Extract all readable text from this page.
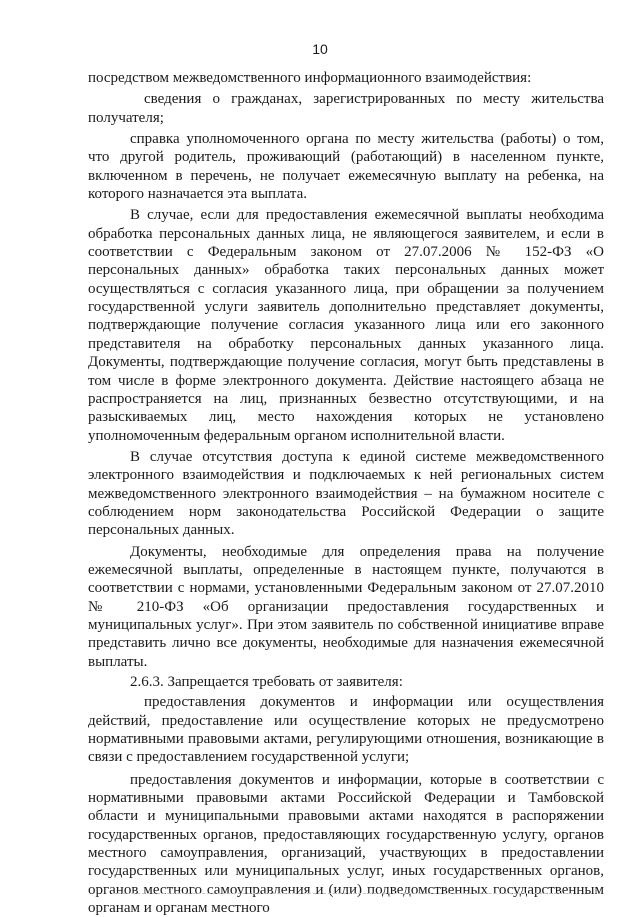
10

посредством межведомственного информационного взаимодействия:

сведения о гражданах, зарегистрированных по месту жительства получателя;

справка уполномоченного органа по месту жительства (работы) о том, что другой родитель, проживающий (работающий) в населенном пункте, включенном в перечень, не получает ежемесячную выплату на ребенка, на которого назначается эта выплата.

В случае, если для предоставления ежемесячной выплаты необходима обработка персональных данных лица, не являющегося заявителем, и если в соответствии с Федеральным законом от 27.07.2006 № 152-ФЗ «О персональных данных» обработка таких персональных данных может осуществляться с согласия указанного лица, при обращении за получением государственной услуги заявитель дополнительно представляет документы, подтверждающие получение согласия указанного лица или его законного представителя на обработку персональных данных указанного лица. Документы, подтверждающие получение согласия, могут быть представлены в том числе в форме электронного документа. Действие настоящего абзаца не распространяется на лиц, признанных безвестно отсутствующими, и на разыскиваемых лиц, место нахождения которых не установлено уполномоченным федеральным органом исполнительной власти.

В случае отсутствия доступа к единой системе межведомственного электронного взаимодействия и подключаемых к ней региональных систем межведомственного электронного взаимодействия – на бумажном носителе с соблюдением норм законодательства Российской Федерации о защите персональных данных.

Документы, необходимые для определения права на получение ежемесячной выплаты, определенные в настоящем пункте, получаются в соответствии с нормами, установленными Федеральным законом от 27.07.2010 № 210-ФЗ «Об организации предоставления государственных и муниципальных услуг». При этом заявитель по собственной инициативе вправе представить лично все документы, необходимые для назначения ежемесячной выплаты.

2.6.3. Запрещается требовать от заявителя:

предоставления документов и информации или осуществления действий, предоставление или осуществление которых не предусмотрено нормативными правовыми актами, регулирующими отношения, возникающие в связи с предоставлением государственной услуги;

предоставления документов и информации, которые в соответствии с нормативными правовыми актами Российской Федерации и Тамбовской области и муниципальными правовыми актами находятся в распоряжении государственных органов, предоставляющих государственную услугу, органов местного самоуправления, организаций, участвующих в предоставлении государственных или муниципальных услуг, иных государственных органов, органов местного самоуправления и (или) подведомственных государственным органам и органам местного
